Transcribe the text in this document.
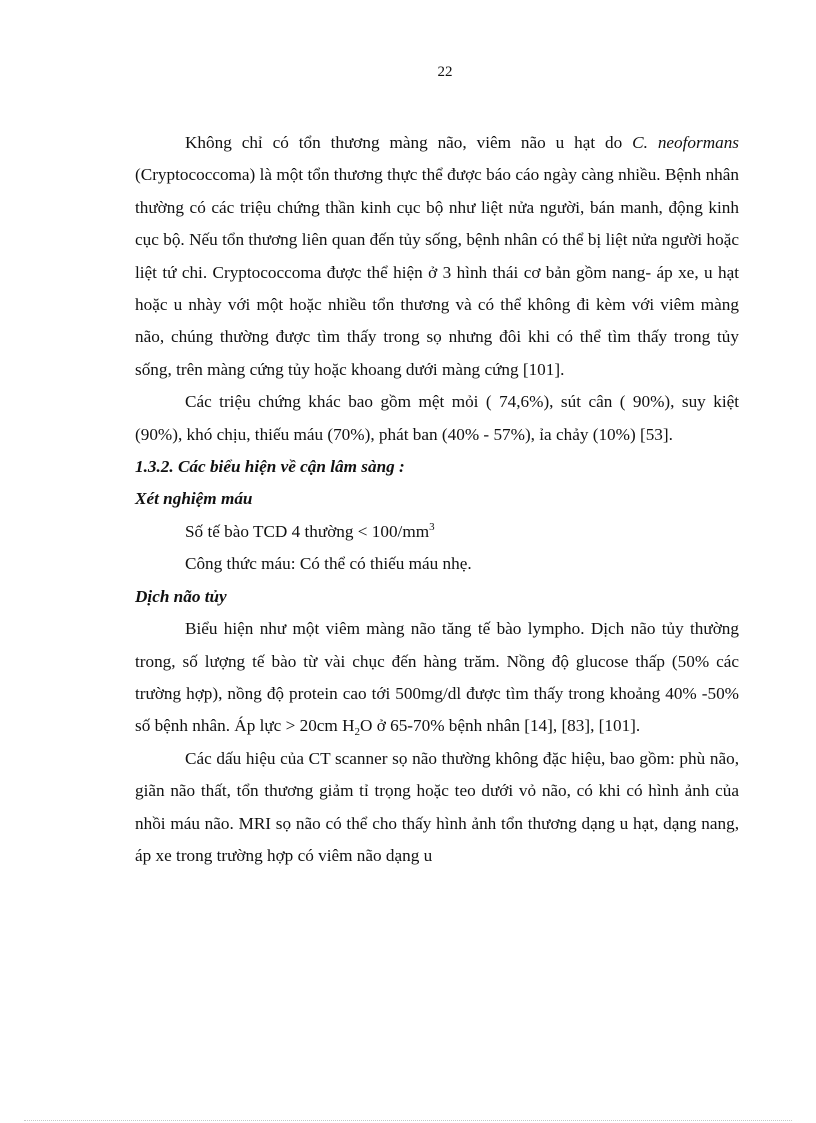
22

Không chỉ có tổn thương màng não, viêm não u hạt do C. neoformans (Cryptococcoma) là một tổn thương thực thể được báo cáo ngày càng nhiều. Bệnh nhân thường có các triệu chứng thần kinh cục bộ như liệt nửa người, bán manh, động kinh cục bộ. Nếu tổn thương liên quan đến tủy sống, bệnh nhân có thể bị liệt nửa người hoặc liệt tứ chi. Cryptococcoma được thể hiện ở 3 hình thái cơ bản gồm nang- áp xe, u hạt hoặc u nhày với một hoặc nhiều tổn thương và có thể không đi kèm với viêm màng não, chúng thường được tìm thấy trong sọ nhưng đôi khi có thể tìm thấy trong tủy sống, trên màng cứng tủy hoặc khoang dưới màng cứng [101].

Các triệu chứng khác bao gồm mệt mỏi ( 74,6%), sút cân ( 90%), suy kiệt (90%), khó chịu, thiếu máu (70%), phát ban (40% - 57%), ỉa chảy (10%) [53].

1.3.2. Các biểu hiện về cận lâm sàng :

Xét nghiệm máu

Số tế bào TCD 4 thường < $100/mm^3$

Công thức máu: Có thể có thiếu máu nhẹ.

Dịch não tủy

Biểu hiện như một viêm màng não tăng tế bào lympho. Dịch não tủy thường trong, số lượng tế bào từ vài chục đến hàng trăm. Nồng độ glucose thấp (50% các trường hợp), nồng độ protein cao tới 500mg/dl được tìm thấy trong khoảng 40% -50% số bệnh nhân. Áp lực > 20cm $H_2O$ ở 65-70% bệnh nhân [14], [83], [101].

Các dấu hiệu của CT scanner sọ não thường không đặc hiệu, bao gồm: phù não, giãn não thất, tổn thương giảm tỉ trọng hoặc teo dưới vỏ não, có khi có hình ảnh của nhồi máu não. MRI sọ não có thể cho thấy hình ảnh tổn thương dạng u hạt, dạng nang, áp xe trong trường hợp có viêm não dạng u
